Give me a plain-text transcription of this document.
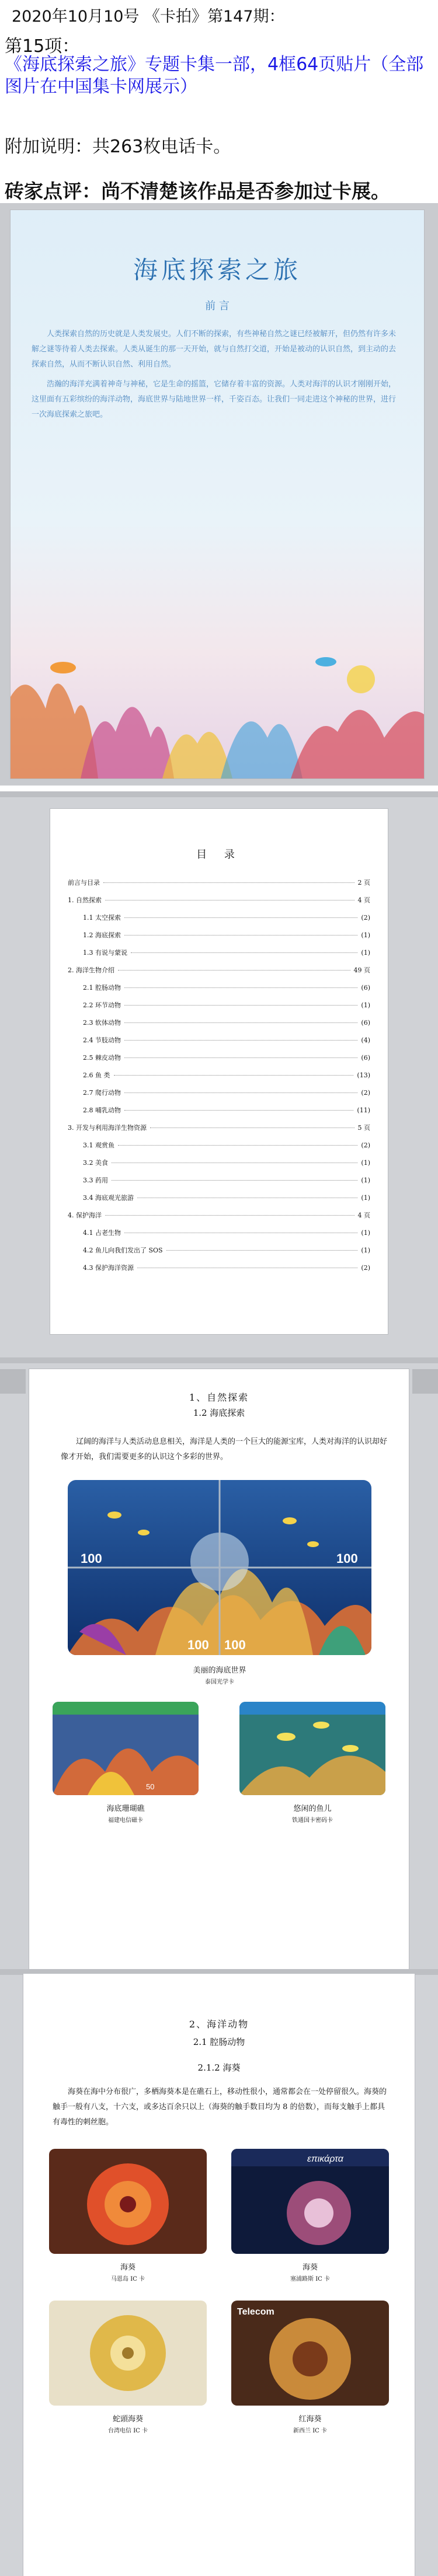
2020年10月10号 《卡拍》第147期：
第15项：
《海底探索之旅》专题卡集一部，4框64页贴片（全部图片在中国集卡网展示）
附加说明：共263枚电话卡。
砖家点评：尚不清楚该作品是否参加过卡展。
海底探索之旅
前 言

人类探索自然的历史就是人类发展史。人们不断的探索，有些神秘自然之谜已经被解开，但仍然有许多未解之谜等待着人类去探索。人类从诞生的那一天开始，就与自然打交道，开始是被动的认识自然，到主动的去探索自然，从而不断认识自然、利用自然。

浩瀚的海洋充满着神奇与神秘，它是生命的摇篮，它储存着丰富的资源。人类对海洋的认识才刚刚开始，这里面有五彩缤纷的海洋动物，海底世界与陆地世界一样，千姿百态。让我们一同走进这个神秘的世界，进行一次海底探索之旅吧。

目 录
前言与目录	2 页
1. 自然探索	4 页
1.1 太空探索	(2)
1.2 海底探索	(1)
1.3 有说与蒙说	(1)
2. 海洋生物介绍	49 页
2.1 腔肠动物	(6)
2.2 环节动物	(1)
2.3 软体动物	(6)
2.4 节肢动物	(4)
2.5 棘皮动物	(6)
2.6 鱼 类	(13)
2.7 爬行动物	(2)
2.8 哺乳动物	(11)
3. 开发与利用海洋生物资源	5 页
3.1 观赏鱼	(2)
3.2 美食	(1)
3.3 药用	(1)
3.4 海底观光旅游	(1)
4. 保护海洋	4 页
4.1 占老生物	(1)
4.2 鱼儿向我们发出了 SOS	(1)
4.3 保护海洋资源	(2)
1、自然探索
1.2 海底探索
辽阔的海洋与人类活动息息相关，海洋是人类的一个巨大的能源宝库，人类对海洋的认识却好像才开始，我们需要更多的认识这个多彩的世界。
100	100
100 100
美丽的海底世界
泰国光学卡
50
海底珊瑚礁
福建电信磁卡
悠闲的鱼儿
铁通国卡密码卡
2、海洋动物
2.1 腔肠动物
2.1.2 海葵
海葵在海中分布很广，多栖海葵本是在礁石上，移动性很小，通常都会在一处停留很久。海葵的触手一般有八支，十六支，或多达百余只以上（海葵的触手数目均为 8 的倍数），而每支触手上都具有毒性的刺丝胞。
海葵
马恩岛 IC 卡
επικάρτα
海葵
塞浦路斯 IC 卡
蛇頭海葵
台湾电信 IC 卡
Telecom
红海葵
新西兰 IC 卡
